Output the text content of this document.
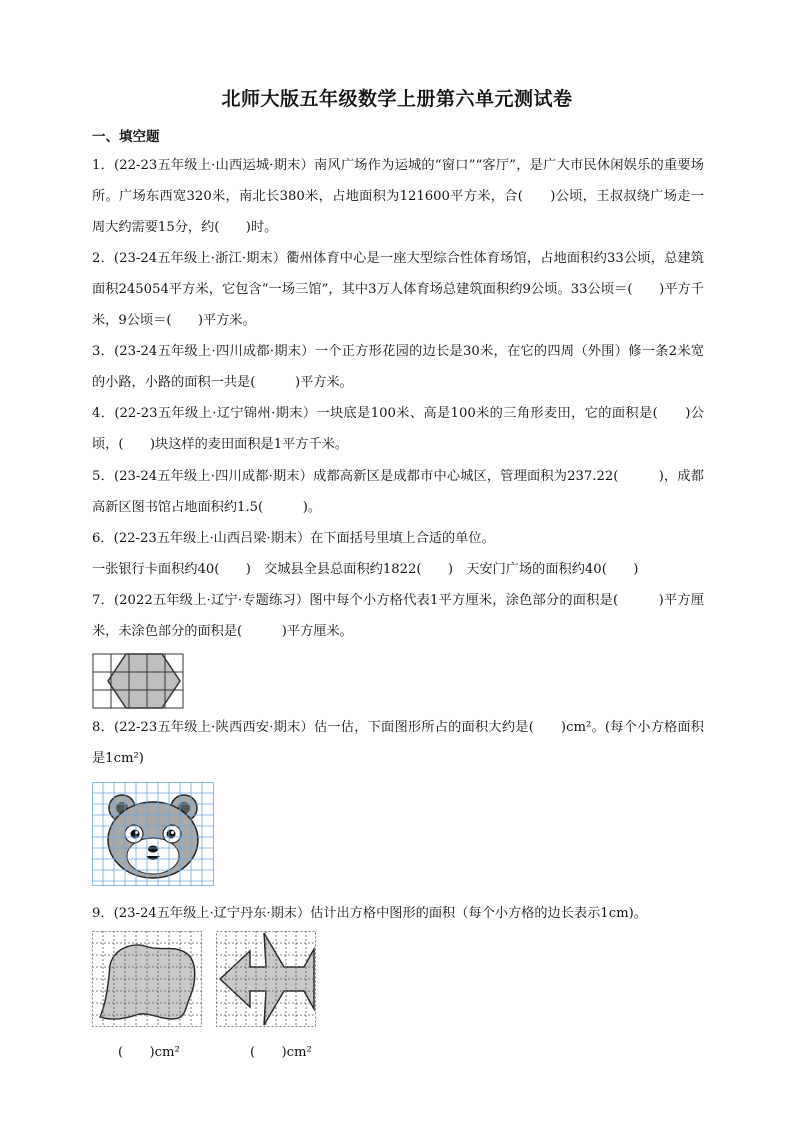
北师大版五年级数学上册第六单元测试卷
一、填空题
1．(22-23五年级上·山西运城·期末）南风广场作为运城的“窗口”“客厅”，是广大市民休闲娱乐的重要场所。广场东西宽320米，南北长380米，占地面积为121600平方米，合(　　)公顷，王叔叔绕广场走一周大约需要15分，约(　　)时。
2．(23-24五年级上·浙江·期末）衢州体育中心是一座大型综合性体育场馆，占地面积约33公顷，总建筑面积245054平方米，它包含“一场三馆”，其中3万人体育场总建筑面积约9公顷。33公顷＝(　　)平方千米，9公顷＝(　　)平方米。
3．(23-24五年级上·四川成都·期末）一个正方形花园的边长是30米，在它的四周（外围）修一条2米宽的小路，小路的面积一共是(　　　)平方米。
4．(22-23五年级上·辽宁锦州·期末）一块底是100米、高是100米的三角形麦田，它的面积是(　　)公顷，(　　)块这样的麦田面积是1平方千米。
5．(23-24五年级上·四川成都·期末）成都高新区是成都市中心城区，管理面积为237.22(　　　)，成都高新区图书馆占地面积约1.5(　　　)。
6．(22-23五年级上·山西吕梁·期末）在下面括号里填上合适的单位。
一张银行卡面积约40(　　)　交城县全县总面积约1822(　　)　天安门广场的面积约40(　　)
7．(2022五年级上·辽宁·专题练习）图中每个小方格代表1平方厘米，涂色部分的面积是(　　　)平方厘米，未涂色部分的面积是(　　　)平方厘米。
8．(22-23五年级上·陕西西安·期末）估一估，下面图形所占的面积大约是(　　)cm²。(每个小方格面积是1cm²)
9．(23-24五年级上·辽宁丹东·期末）估计出方格中图形的面积（每个小方格的边长表示1cm)。
(　　)cm²	(　　)cm²
